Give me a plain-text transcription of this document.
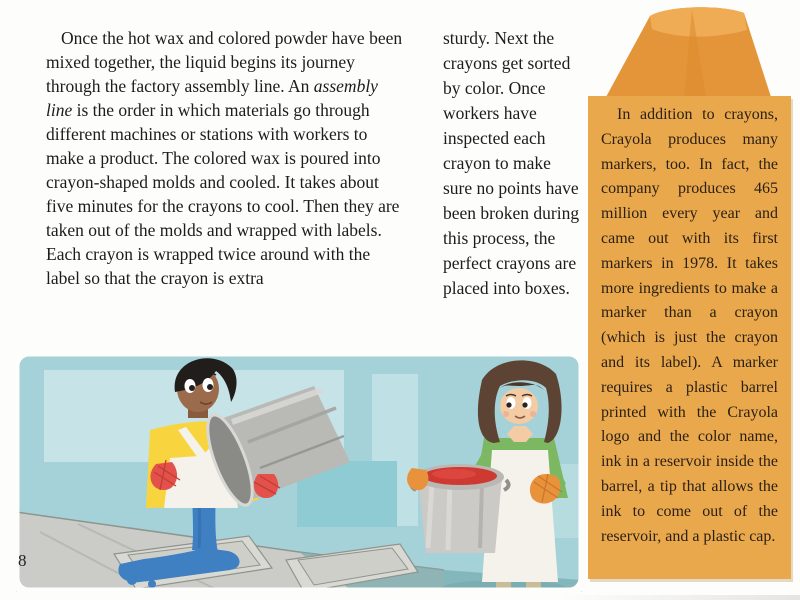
Once the hot wax and colored powder have been mixed together, the liquid begins its journey through the factory assembly line. An assembly line is the order in which materials go through different machines or stations with workers to make a product. The colored wax is poured into crayon-shaped molds and cooled. It takes about five minutes for the crayons to cool. Then they are taken out of the molds and wrapped with labels. Each crayon is wrapped twice around with the label so that the crayon is extra

sturdy. Next the crayons get sorted by color. Once workers have inspected each crayon to make sure no points have been broken during this process, the perfect crayons are placed into boxes.

In addition to crayons, Crayola produces many markers, too. In fact, the company produces 465 million every year and came out with its first markers in 1978. It takes more ingredients to make a marker than a crayon (which is just the crayon and its label). A marker requires a plastic barrel printed with the Crayola logo and the color name, ink in a reservoir inside the barrel, a tip that allows the ink to come out of the reservoir, and a plastic cap.

8
